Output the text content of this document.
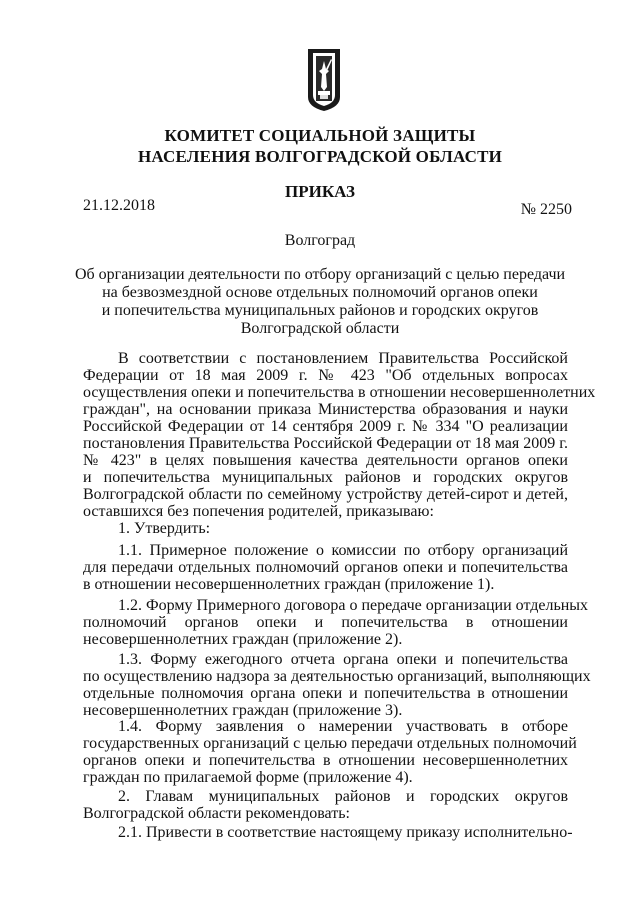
КОМИТЕТ СОЦИАЛЬНОЙ ЗАЩИТЫ
НАСЕЛЕНИЯ ВОЛГОГРАДСКОЙ ОБЛАСТИ
ПРИКАЗ
21.12.2018	№ 2250
Волгоград
Об организации деятельности по отбору организаций с целью передачи
на безвозмездной основе отдельных полномочий органов опеки
и попечительства муниципальных районов и городских округов
Волгоградской области
В соответствии с постановлением Правительства Российской
Федерации от 18 мая 2009 г. № 423 "Об отдельных вопросах
осуществления опеки и попечительства в отношении несовершеннолетних
граждан", на основании приказа Министерства образования и науки
Российской Федерации от 14 сентября 2009 г. № 334 "О реализации
постановления Правительства Российской Федерации от 18 мая 2009 г.
№ 423" в целях повышения качества деятельности органов опеки
и попечительства муниципальных районов и городских округов
Волгоградской области по семейному устройству детей-сирот и детей,
оставшихся без попечения родителей, приказываю:
1. Утвердить:
1.1. Примерное положение о комиссии по отбору организаций
для передачи отдельных полномочий органов опеки и попечительства
в отношении несовершеннолетних граждан (приложение 1).
1.2. Форму Примерного договора о передаче организации отдельных
полномочий органов опеки и попечительства в отношении
несовершеннолетних граждан (приложение 2).
1.3. Форму ежегодного отчета органа опеки и попечительства
по осуществлению надзора за деятельностью организаций, выполняющих
отдельные полномочия органа опеки и попечительства в отношении
несовершеннолетних граждан (приложение 3).
1.4. Форму заявления о намерении участвовать в отборе
государственных организаций с целью передачи отдельных полномочий
органов опеки и попечительства в отношении несовершеннолетних
граждан по прилагаемой форме (приложение 4).
2. Главам муниципальных районов и городских округов
Волгоградской области рекомендовать:
2.1. Привести в соответствие настоящему приказу исполнительно-
